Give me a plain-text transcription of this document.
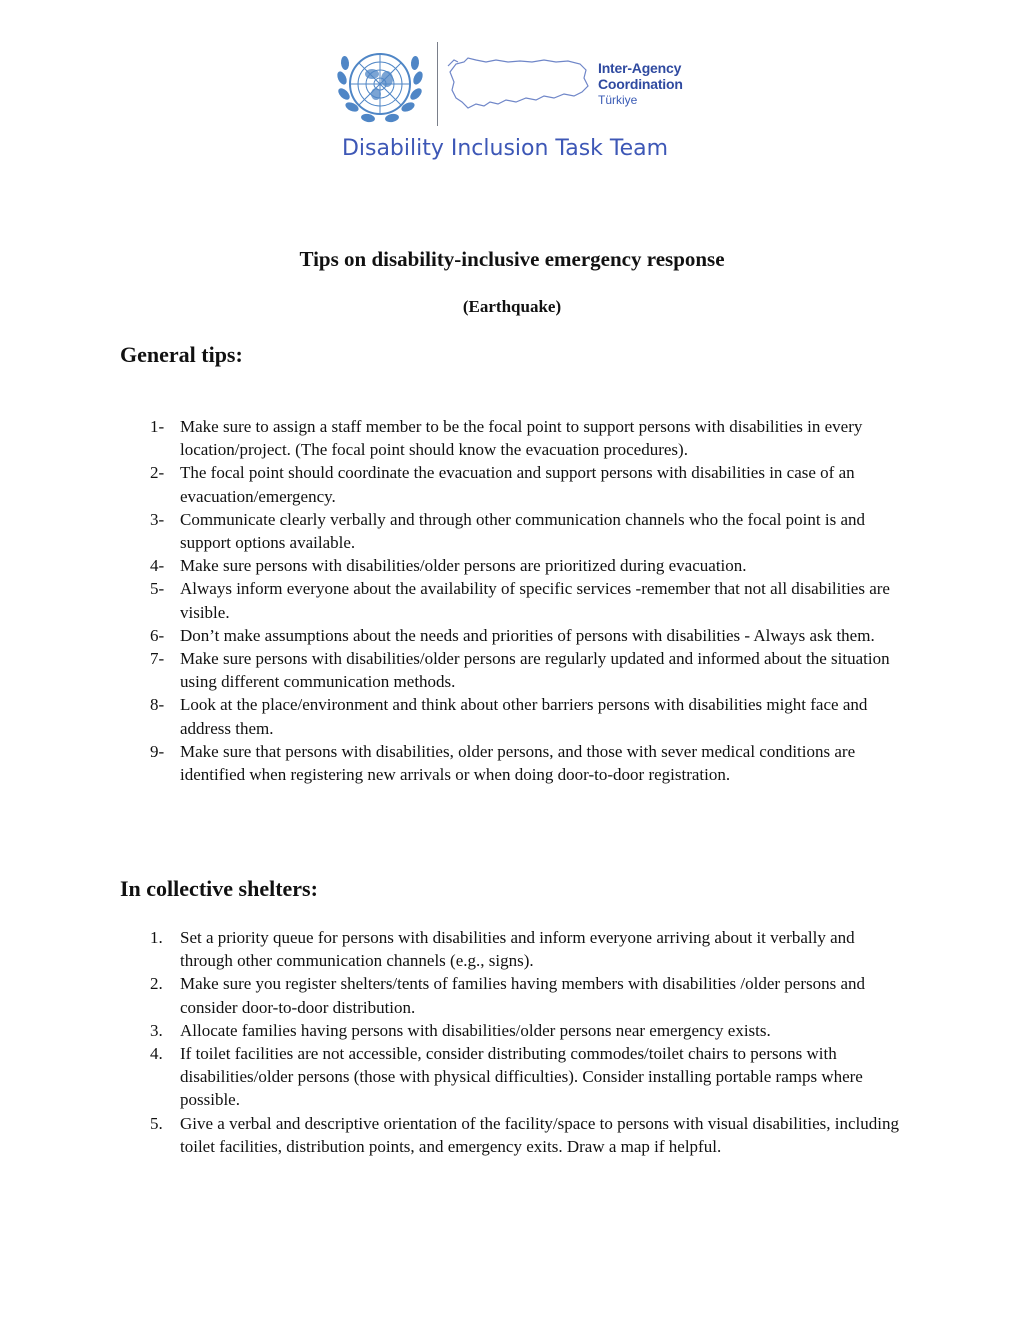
Inter-Agency
Coordination
Türkiye
Disability Inclusion Task Team
Tips on disability-inclusive emergency response
(Earthquake)
General tips:
1- Make sure to assign a staff member to be the focal point to support persons with disabilities in every location/project. (The focal point should know the evacuation procedures).
2- The focal point should coordinate the evacuation and support persons with disabilities in case of an evacuation/emergency.
3- Communicate clearly verbally and through other communication channels who the focal point is and support options available.
4- Make sure persons with disabilities/older persons are prioritized during evacuation.
5- Always inform everyone about the availability of specific services -remember that not all disabilities are visible.
6- Don’t make assumptions about the needs and priorities of persons with disabilities - Always ask them.
7- Make sure persons with disabilities/older persons are regularly updated and informed about the situation using different communication methods.
8- Look at the place/environment and think about other barriers persons with disabilities might face and address them.
9- Make sure that persons with disabilities, older persons, and those with sever medical conditions are identified when registering new arrivals or when doing door-to-door registration.
In collective shelters:
1. Set a priority queue for persons with disabilities and inform everyone arriving about it verbally and through other communication channels (e.g., signs).
2. Make sure you register shelters/tents of families having members with disabilities /older persons and consider door-to-door distribution.
3. Allocate families having persons with disabilities/older persons near emergency exists.
4. If toilet facilities are not accessible, consider distributing commodes/toilet chairs to persons with disabilities/older persons (those with physical difficulties). Consider installing portable ramps where possible.
5. Give a verbal and descriptive orientation of the facility/space to persons with visual disabilities, including toilet facilities, distribution points, and emergency exits. Draw a map if helpful.
